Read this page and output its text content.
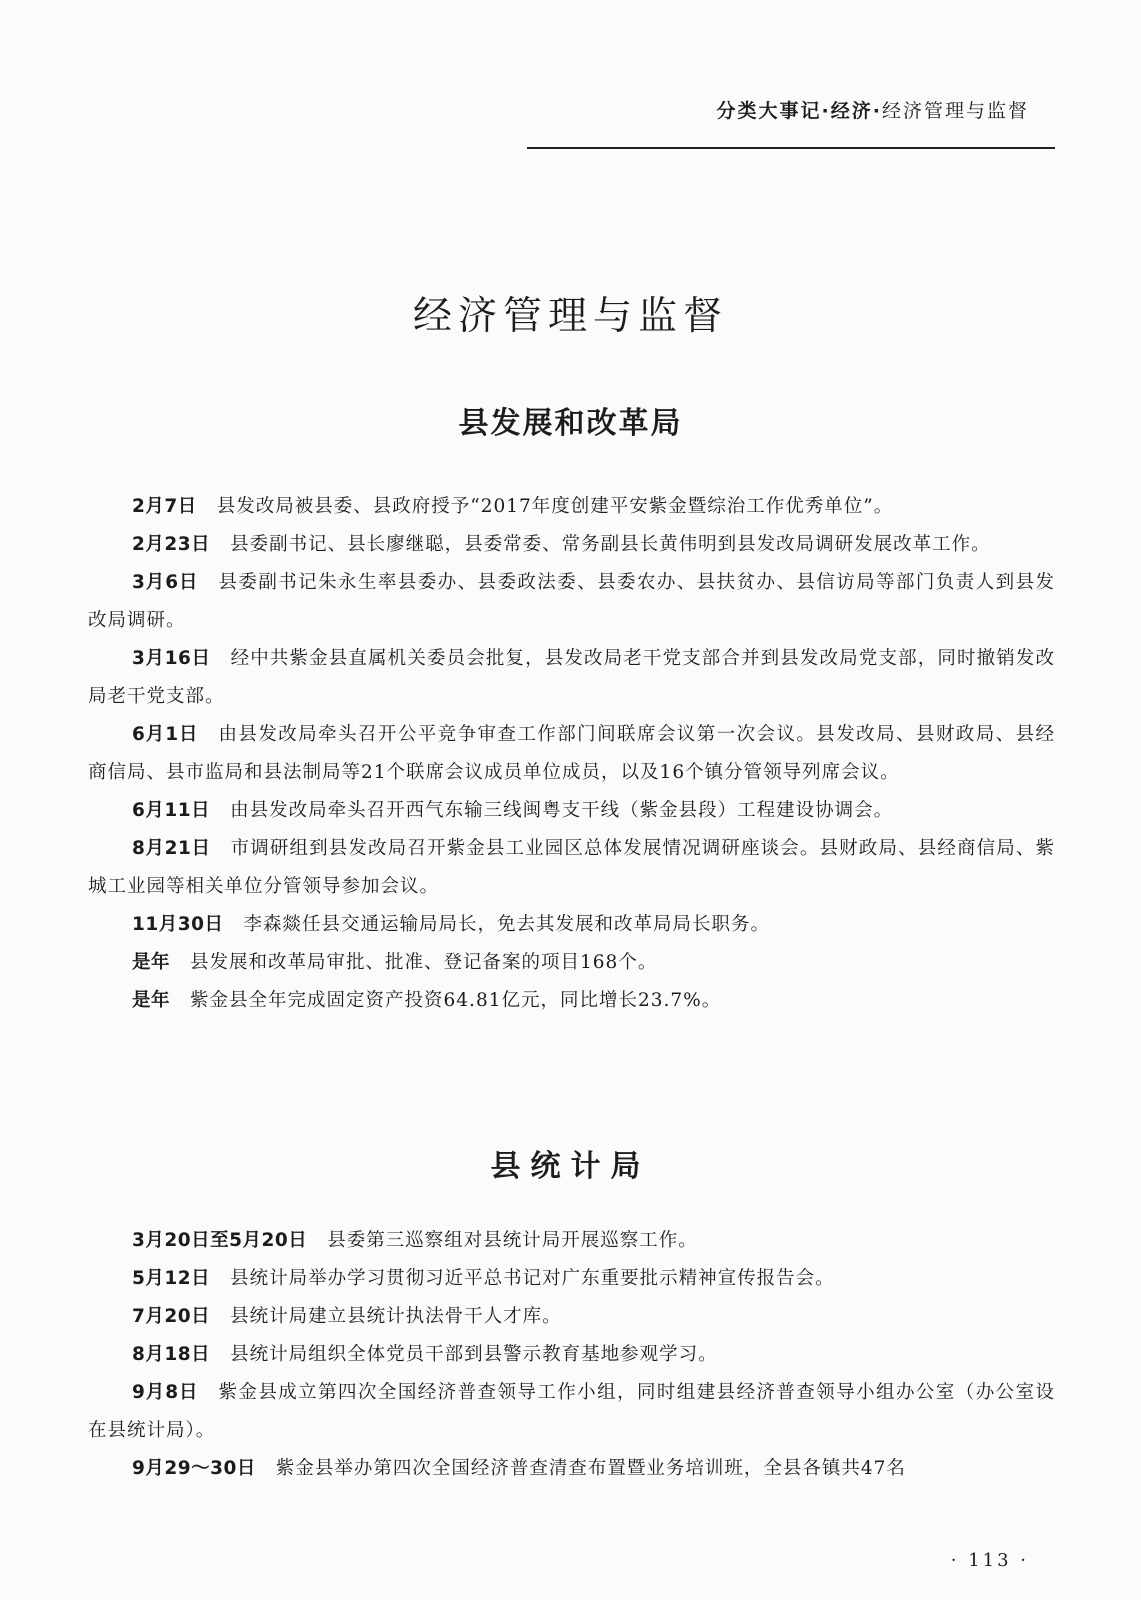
分类大事记·经济·经济管理与监督
经济管理与监督
县发展和改革局

2月7日 县发改局被县委、县政府授予“2017年度创建平安紫金暨综治工作优秀单位”。

2月23日 县委副书记、县长廖继聪，县委常委、常务副县长黄伟明到县发改局调研发展改革工作。

3月6日 县委副书记朱永生率县委办、县委政法委、县委农办、县扶贫办、县信访局等部门负责人到县发改局调研。

3月16日 经中共紫金县直属机关委员会批复，县发改局老干党支部合并到县发改局党支部，同时撤销发改局老干党支部。

6月1日 由县发改局牵头召开公平竞争审查工作部门间联席会议第一次会议。县发改局、县财政局、县经商信局、县市监局和县法制局等21个联席会议成员单位成员，以及16个镇分管领导列席会议。

6月11日 由县发改局牵头召开西气东输三线闽粤支干线（紫金县段）工程建设协调会。

8月21日 市调研组到县发改局召开紫金县工业园区总体发展情况调研座谈会。县财政局、县经商信局、紫城工业园等相关单位分管领导参加会议。

11月30日 李森燚任县交通运输局局长，免去其发展和改革局局长职务。

是年 县发展和改革局审批、批准、登记备案的项目168个。

是年 紫金县全年完成固定资产投资64.81亿元，同比增长23.7%。

县统计局

3月20日至5月20日 县委第三巡察组对县统计局开展巡察工作。

5月12日 县统计局举办学习贯彻习近平总书记对广东重要批示精神宣传报告会。

7月20日 县统计局建立县统计执法骨干人才库。

8月18日 县统计局组织全体党员干部到县警示教育基地参观学习。

9月8日 紫金县成立第四次全国经济普查领导工作小组，同时组建县经济普查领导小组办公室（办公室设在县统计局）。

9月29～30日 紫金县举办第四次全国经济普查清查布置暨业务培训班，全县各镇共47名

· 113 ·
